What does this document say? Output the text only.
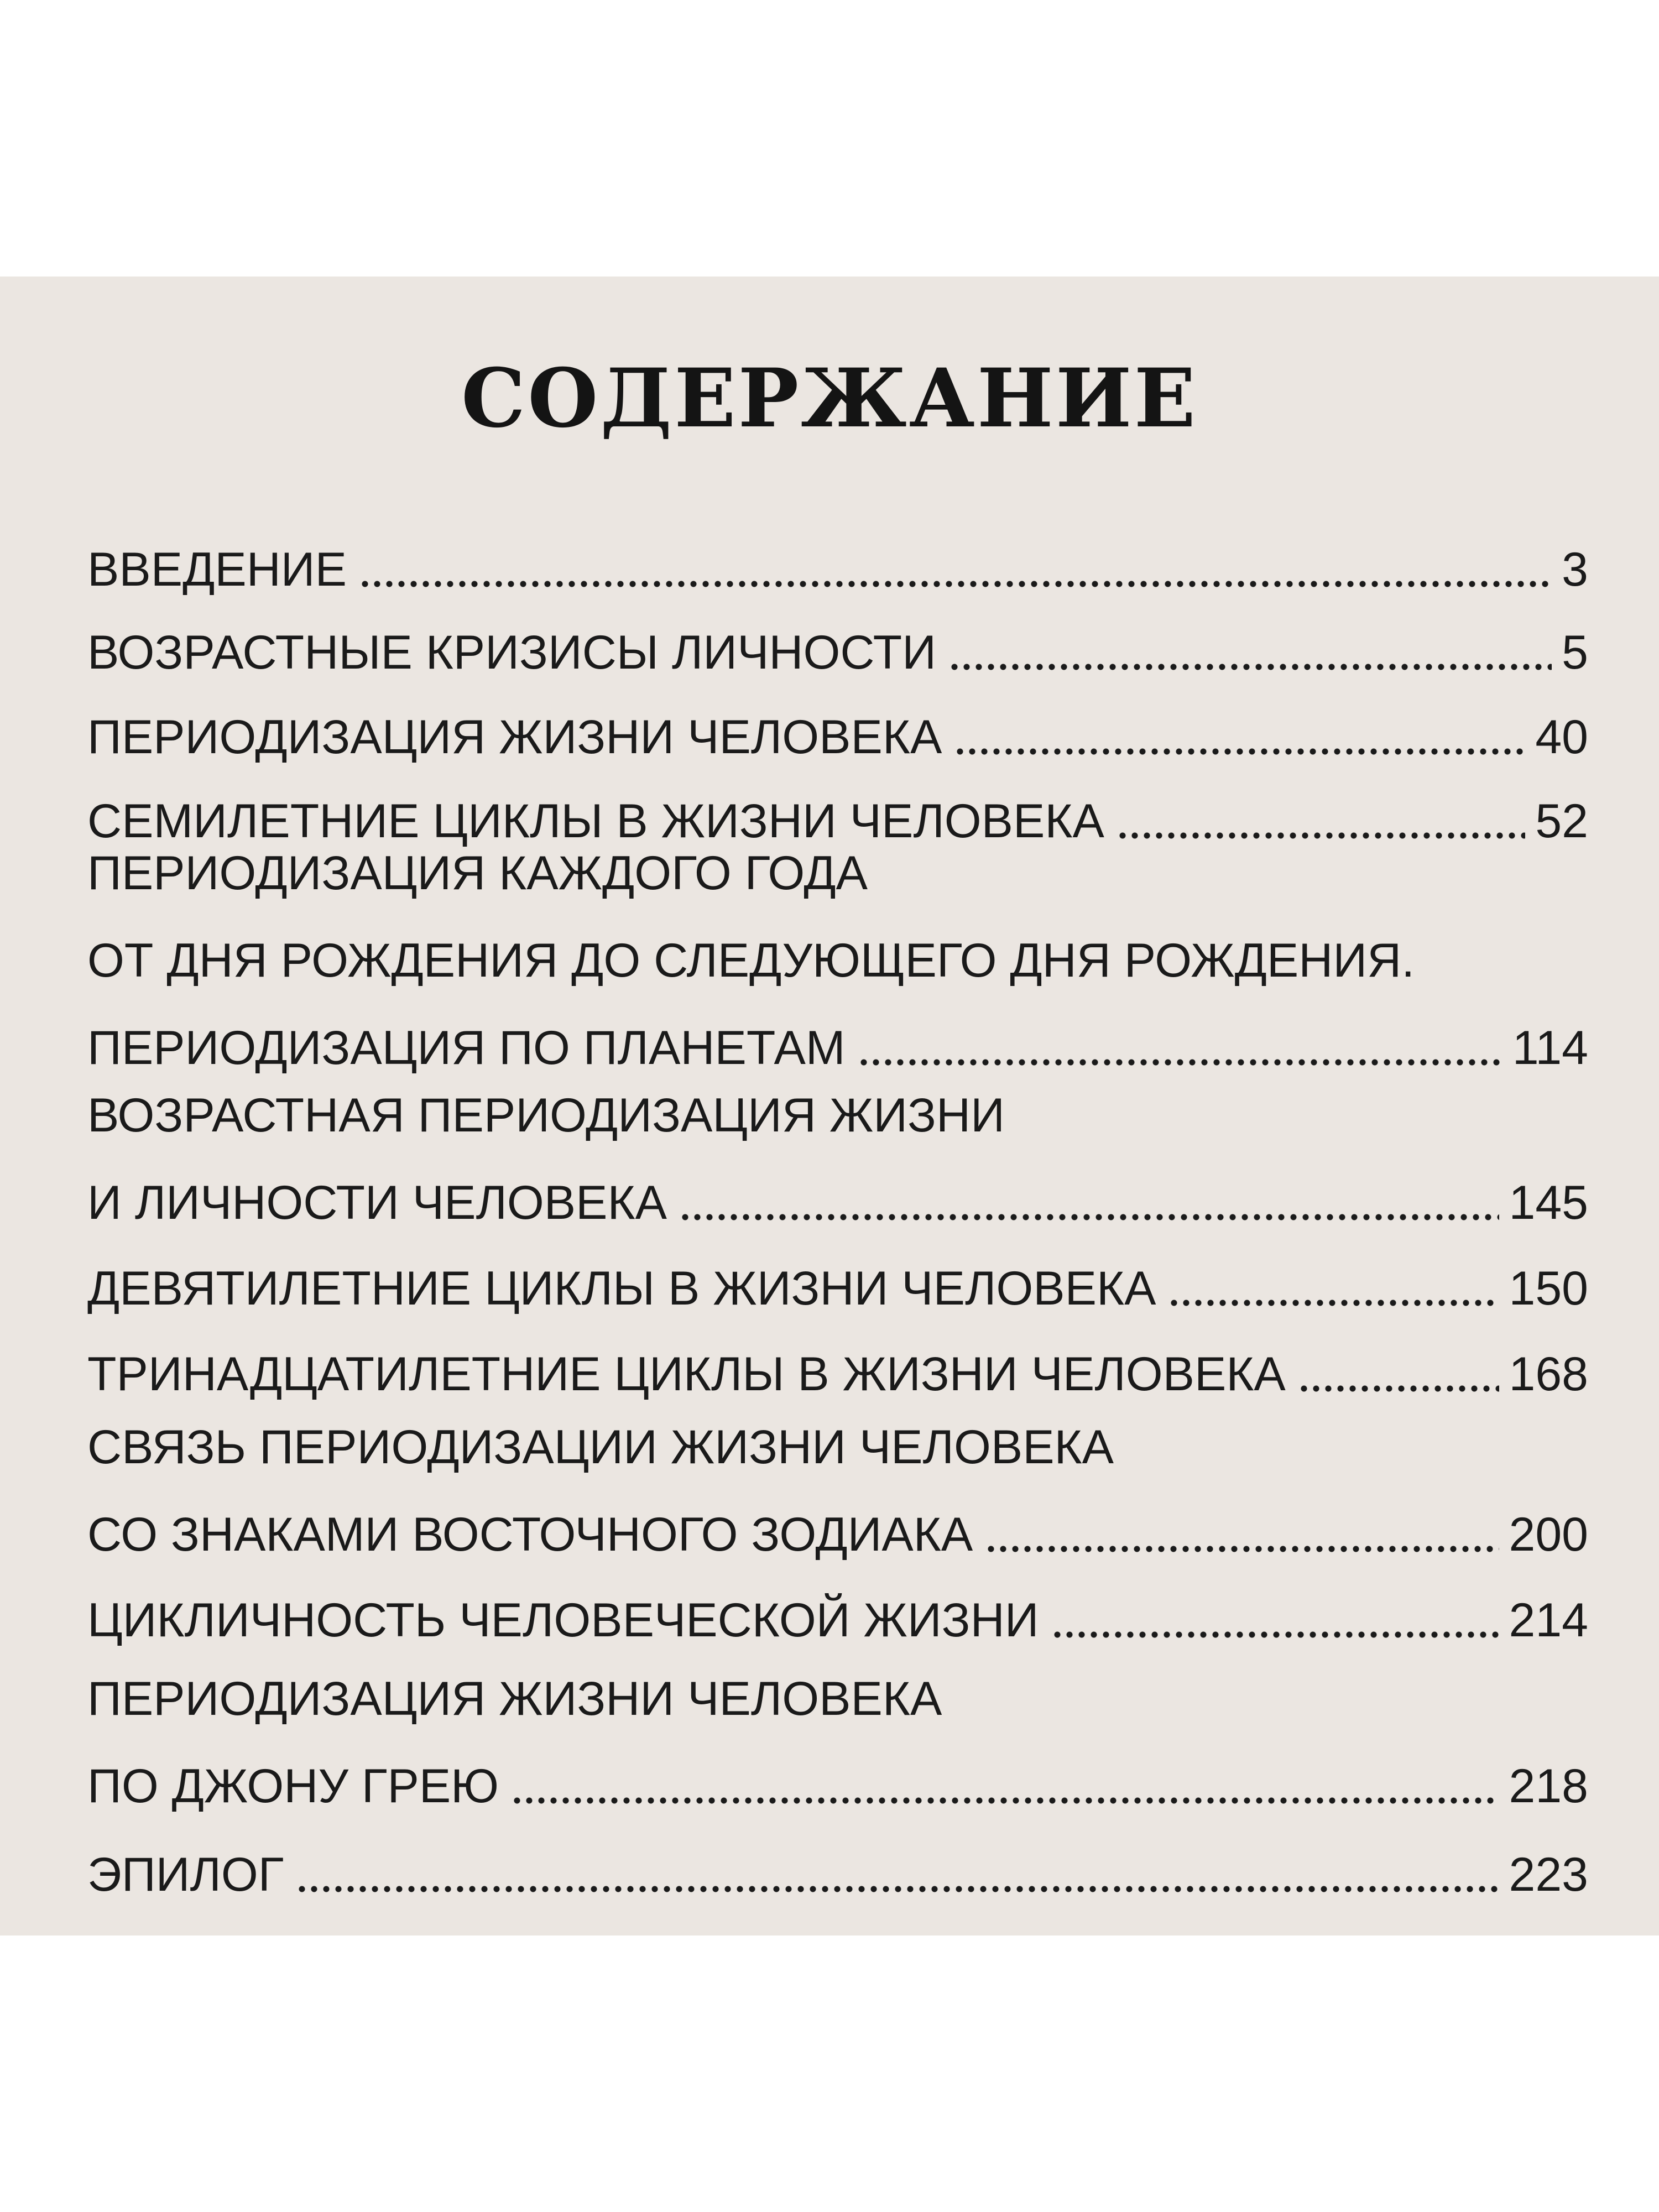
СОДЕРЖАНИЕ
ВВЕДЕНИЕ	3
ВОЗРАСТНЫЕ КРИЗИСЫ ЛИЧНОСТИ	5
ПЕРИОДИЗАЦИЯ ЖИЗНИ ЧЕЛОВЕКА	40
СЕМИЛЕТНИЕ ЦИКЛЫ В ЖИЗНИ ЧЕЛОВЕКА	52
ПЕРИОДИЗАЦИЯ КАЖДОГО ГОДА
ОТ ДНЯ РОЖДЕНИЯ ДО СЛЕДУЮЩЕГО ДНЯ РОЖДЕНИЯ.
ПЕРИОДИЗАЦИЯ ПО ПЛАНЕТАМ	114
ВОЗРАСТНАЯ ПЕРИОДИЗАЦИЯ ЖИЗНИ
И ЛИЧНОСТИ ЧЕЛОВЕКА	145
ДЕВЯТИЛЕТНИЕ ЦИКЛЫ В ЖИЗНИ ЧЕЛОВЕКА	150
ТРИНАДЦАТИЛЕТНИЕ ЦИКЛЫ В ЖИЗНИ ЧЕЛОВЕКА	168
СВЯЗЬ ПЕРИОДИЗАЦИИ ЖИЗНИ ЧЕЛОВЕКА
СО ЗНАКАМИ ВОСТОЧНОГО ЗОДИАКА	200
ЦИКЛИЧНОСТЬ ЧЕЛОВЕЧЕСКОЙ ЖИЗНИ	214
ПЕРИОДИЗАЦИЯ ЖИЗНИ ЧЕЛОВЕКА
ПО ДЖОНУ ГРЕЮ	218
ЭПИЛОГ	223
